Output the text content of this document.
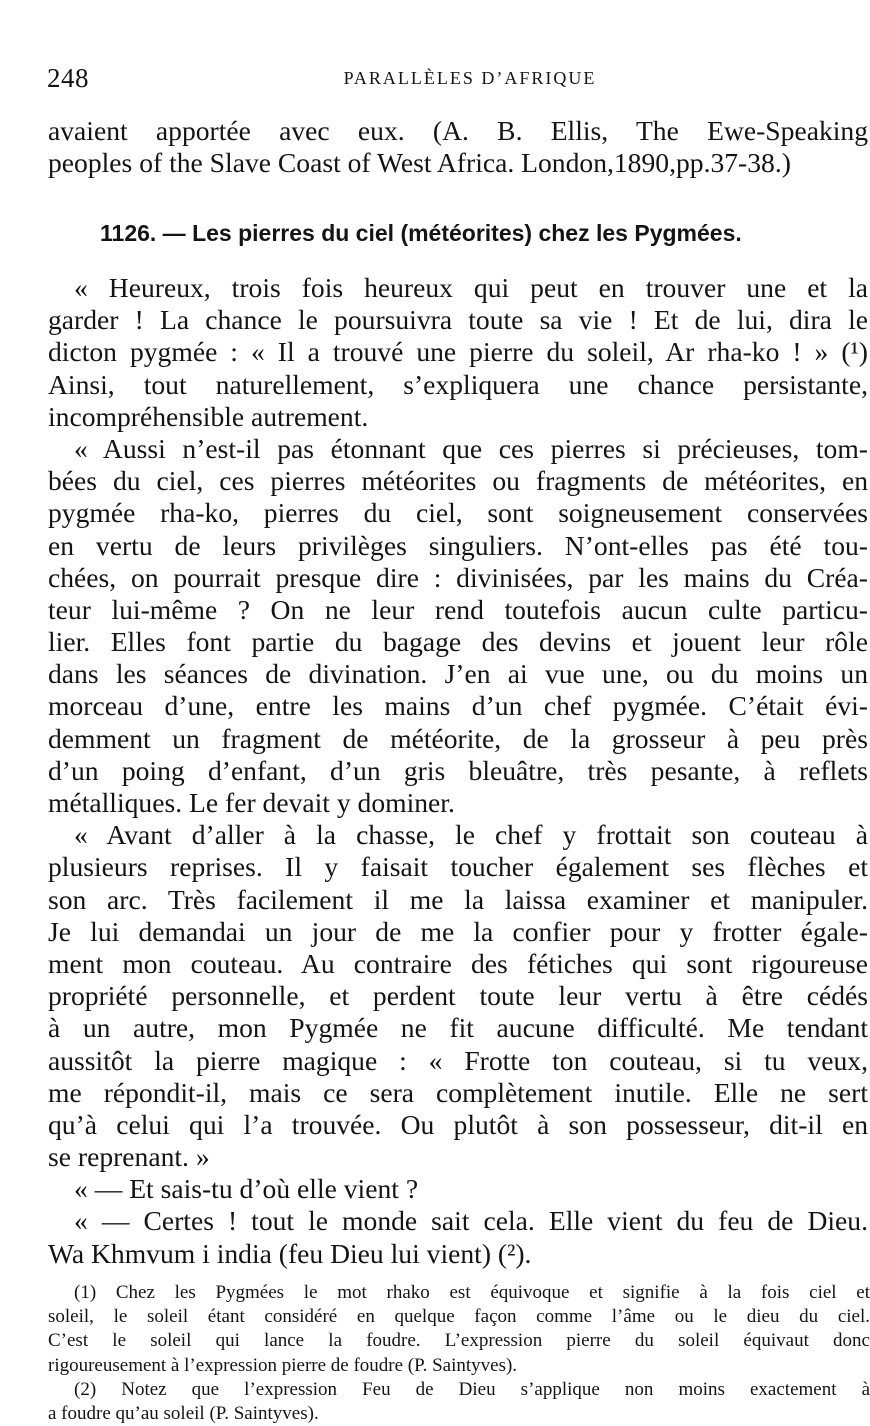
248	PARALLÈLES D’AFRIQUE
avaient apportée avec eux. (A. B. Ellis, The Ewe-Speaking
peoples of the Slave Coast of West Africa. London,1890,pp.37-38.)
1126. — Les pierres du ciel (météorites) chez les Pygmées.
« Heureux, trois fois heureux qui peut en trouver une et la
garder ! La chance le poursuivra toute sa vie ! Et de lui, dira le
dicton pygmée : « Il a trouvé une pierre du soleil, Ar rha-ko ! » (¹)
Ainsi, tout naturellement, s’expliquera une chance persistante,
incompréhensible autrement.
« Aussi n’est-il pas étonnant que ces pierres si précieuses, tom-
bées du ciel, ces pierres météorites ou fragments de météorites, en
pygmée rha-ko, pierres du ciel, sont soigneusement conservées
en vertu de leurs privilèges singuliers. N’ont-elles pas été tou-
chées, on pourrait presque dire : divinisées, par les mains du Créa-
teur lui-même ? On ne leur rend toutefois aucun culte particu-
lier. Elles font partie du bagage des devins et jouent leur rôle
dans les séances de divination. J’en ai vue une, ou du moins un
morceau d’une, entre les mains d’un chef pygmée. C’était évi-
demment un fragment de météorite, de la grosseur à peu près
d’un poing d’enfant, d’un gris bleuâtre, très pesante, à reflets
métalliques. Le fer devait y dominer.
« Avant d’aller à la chasse, le chef y frottait son couteau à
plusieurs reprises. Il y faisait toucher également ses flèches et
son arc. Très facilement il me la laissa examiner et manipuler.
Je lui demandai un jour de me la confier pour y frotter égale-
ment mon couteau. Au contraire des fétiches qui sont rigoureuse
propriété personnelle, et perdent toute leur vertu à être cédés
à un autre, mon Pygmée ne fit aucune difficulté. Me tendant
aussitôt la pierre magique : « Frotte ton couteau, si tu veux,
me répondit-il, mais ce sera complètement inutile. Elle ne sert
qu’à celui qui l’a trouvée. Ou plutôt à son possesseur, dit-il en
se reprenant. »
« — Et sais-tu d’où elle vient ?
« — Certes ! tout le monde sait cela. Elle vient du feu de Dieu.
Wa Khmvum i india (feu Dieu lui vient) (²).
(1) Chez les Pygmées le mot rhako est équivoque et signifie à la fois ciel et
soleil, le soleil étant considéré en quelque façon comme l’âme ou le dieu du ciel.
C’est le soleil qui lance la foudre. L’expression pierre du soleil équivaut donc
rigoureusement à l’expression pierre de foudre (P. Saintyves).
(2) Notez que l’expression Feu de Dieu s’applique non moins exactement à
a foudre qu’au soleil (P. Saintyves).
